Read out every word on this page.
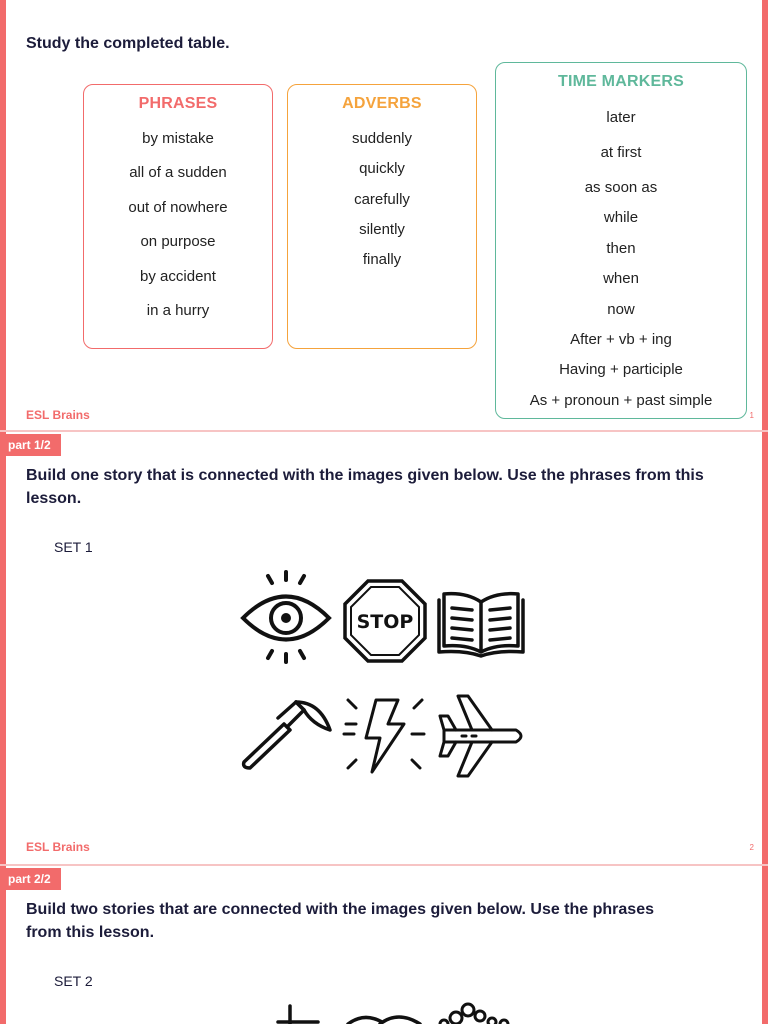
Study the completed table.
PHRASES
by mistake
all of a sudden
out of nowhere
on purpose
by accident
in a hurry
ADVERBS
suddenly
quickly
carefully
silently
finally
TIME MARKERS
later
at first
as soon as
while
then
when
now
After + vb + ing
Having + participle
As + pronoun + past simple
ESL Brains	1
part 1/2
Build one story that is connected with the images given below. Use the phrases from this lesson.
SET 1
STOP
ESL Brains	2
part 2/2
Build two stories that are connected with the images given below. Use the phrases from this lesson.
SET 2
